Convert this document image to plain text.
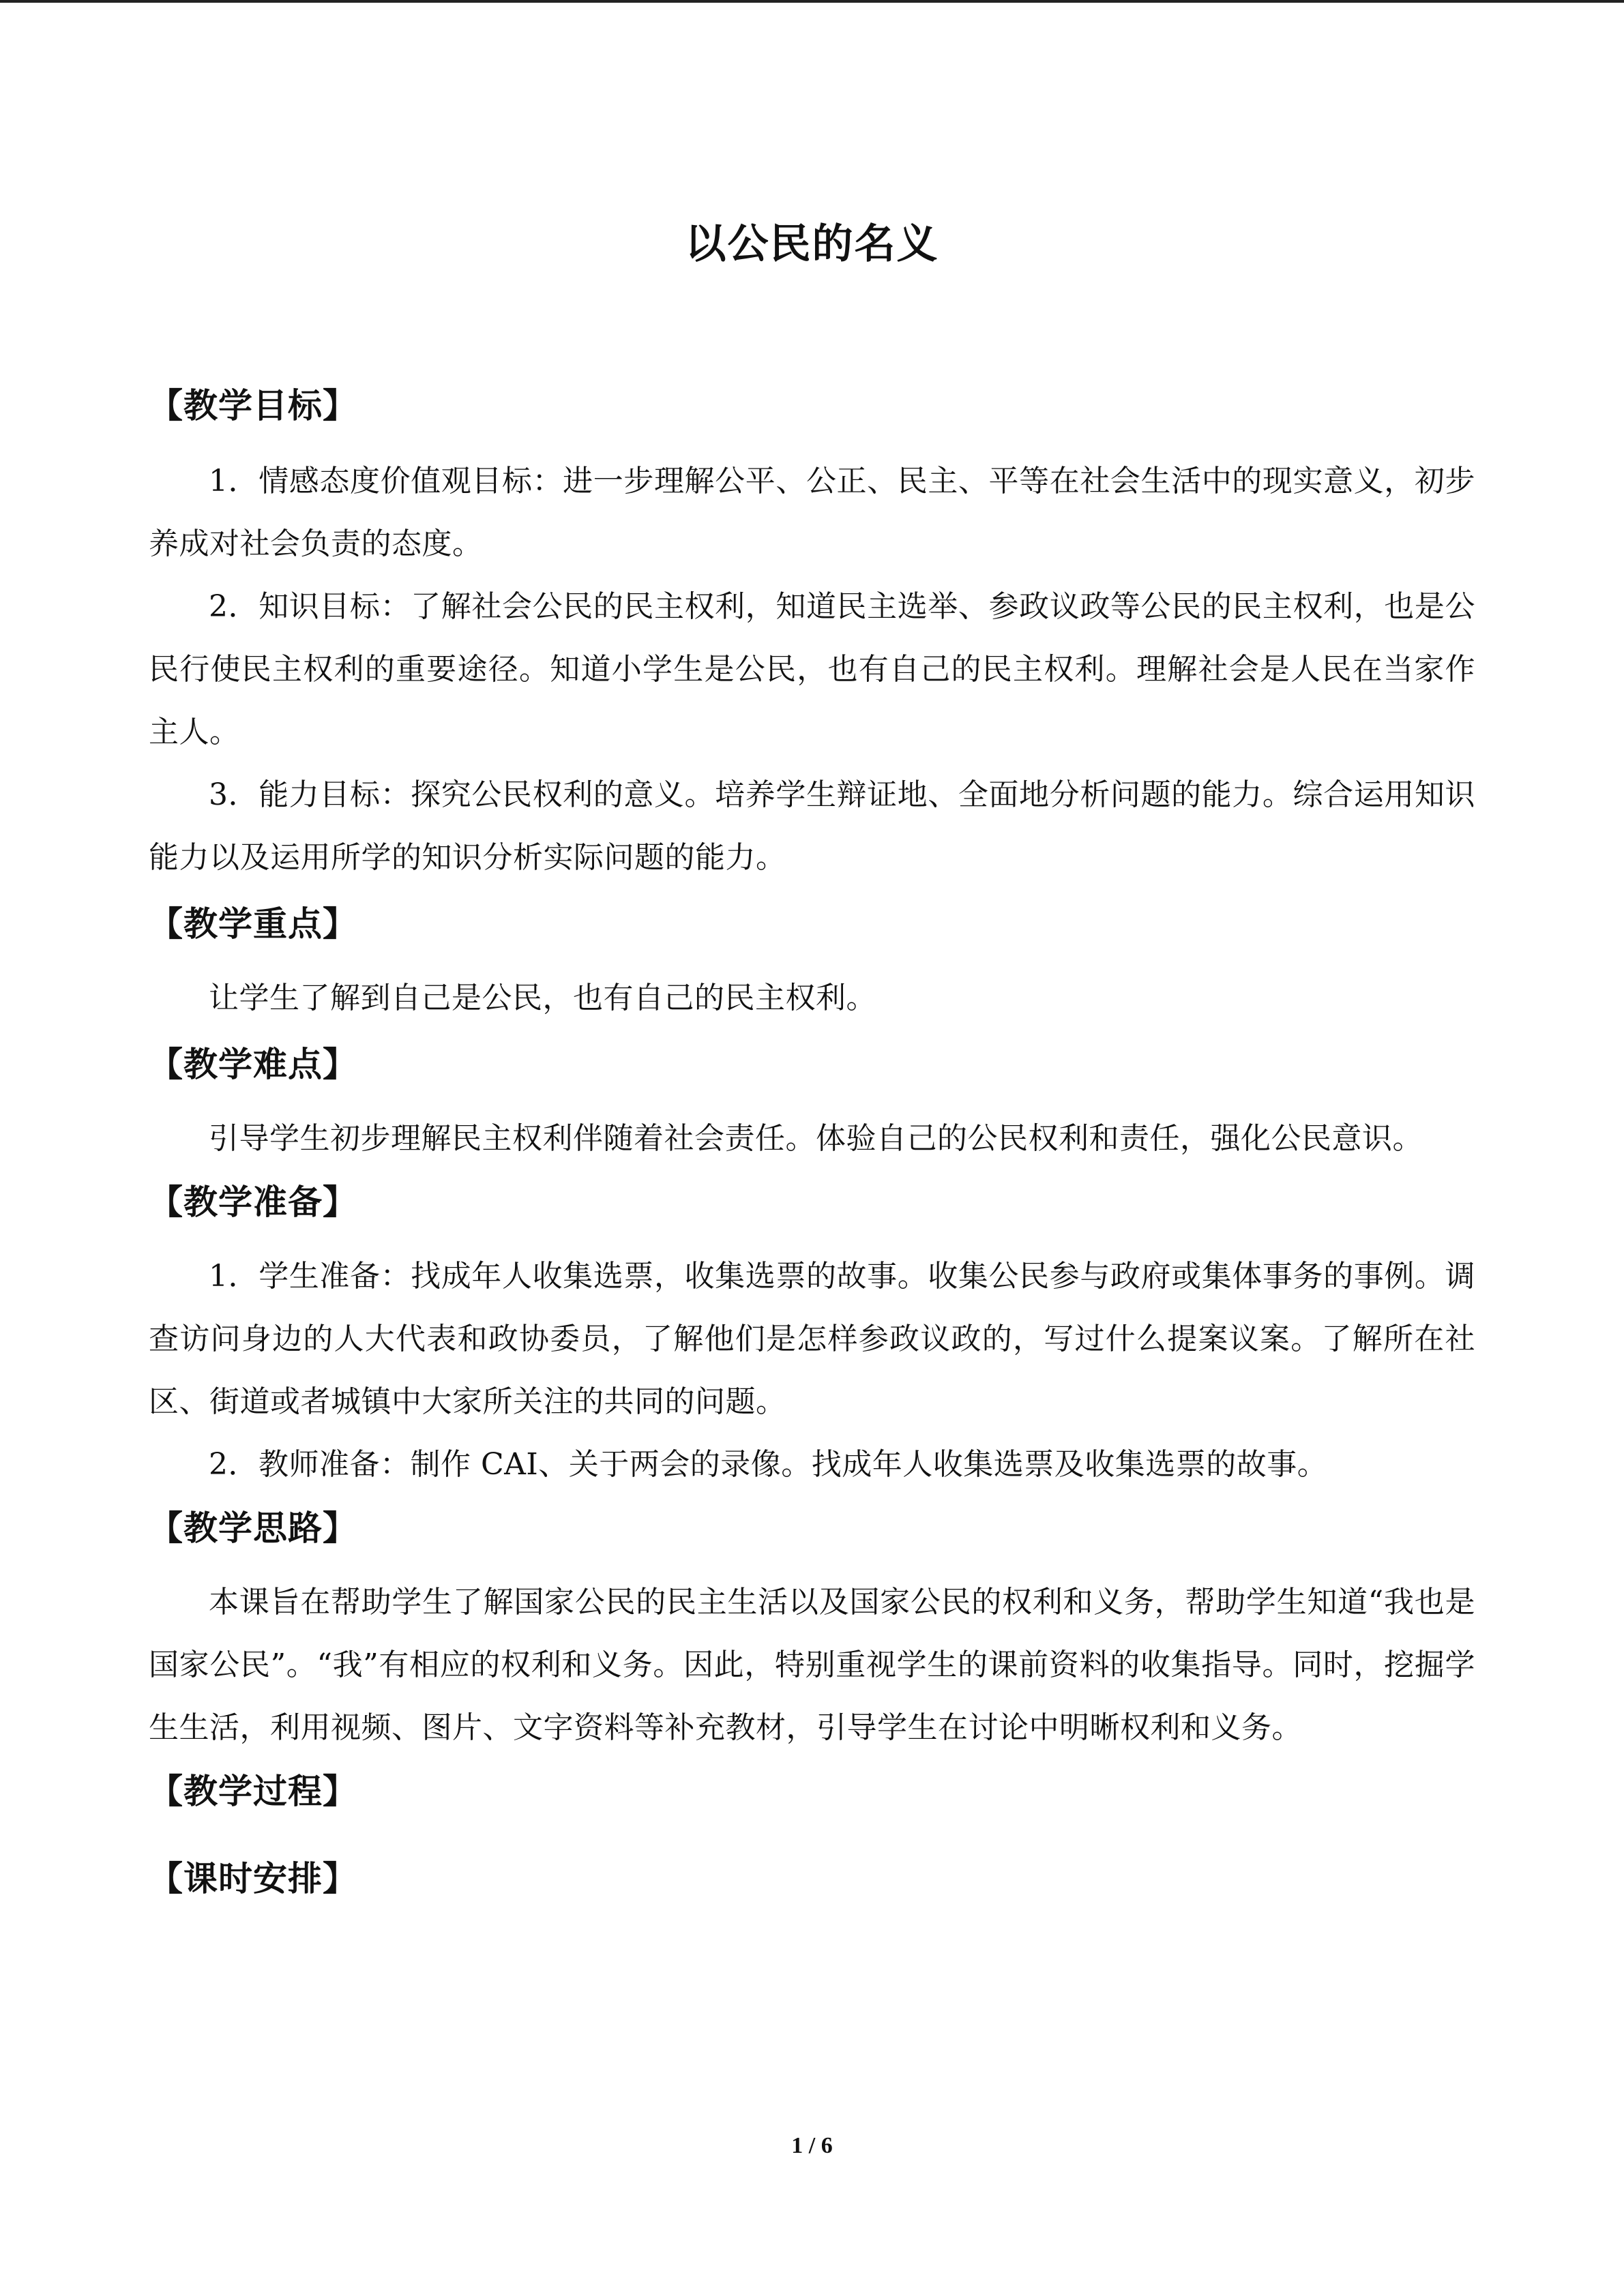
以公民的名义
【教学目标】

1．情感态度价值观目标：进一步理解公平、公正、民主、平等在社会生活中的现实意义，初步养成对社会负责的态度。

2．知识目标：了解社会公民的民主权利，知道民主选举、参政议政等公民的民主权利，也是公民行使民主权利的重要途径。知道小学生是公民，也有自己的民主权利。理解社会是人民在当家作主人。

3．能力目标：探究公民权利的意义。培养学生辩证地、全面地分析问题的能力。综合运用知识能力以及运用所学的知识分析实际问题的能力。

【教学重点】

让学生了解到自己是公民，也有自己的民主权利。

【教学难点】

引导学生初步理解民主权利伴随着社会责任。体验自己的公民权利和责任，强化公民意识。

【教学准备】

1．学生准备：找成年人收集选票，收集选票的故事。收集公民参与政府或集体事务的事例。调查访问身边的人大代表和政协委员，了解他们是怎样参政议政的，写过什么提案议案。了解所在社区、街道或者城镇中大家所关注的共同的问题。

2．教师准备：制作 CAI、关于两会的录像。找成年人收集选票及收集选票的故事。

【教学思路】

本课旨在帮助学生了解国家公民的民主生活以及国家公民的权利和义务，帮助学生知道“我也是国家公民”。“我”有相应的权利和义务。因此，特别重视学生的课前资料的收集指导。同时，挖掘学生生活，利用视频、图片、文字资料等补充教材，引导学生在讨论中明晰权利和义务。

【教学过程】
【课时安排】
1 / 6
